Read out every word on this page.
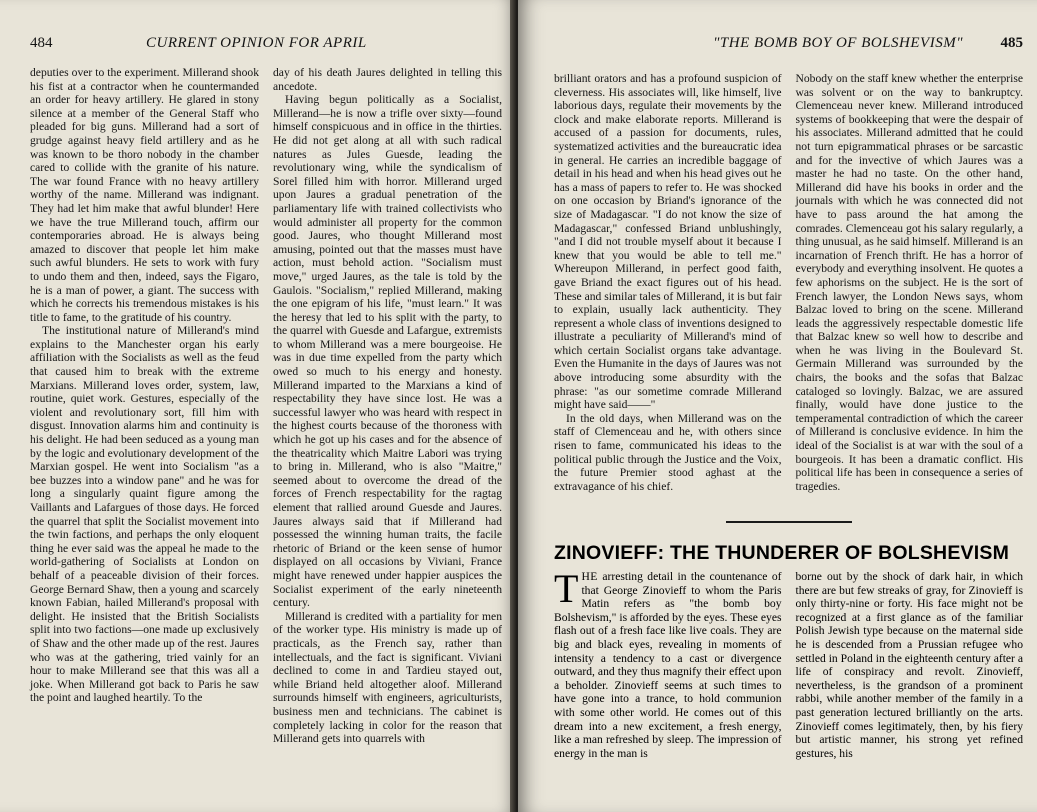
484	CURRENT OPINION FOR APRIL

deputies over to the experiment. Millerand shook his fist at a contractor when he countermanded an order for heavy artillery. He glared in stony silence at a member of the General Staff who pleaded for big guns. Millerand had a sort of grudge against heavy field artillery and as he was known to be thoro nobody in the chamber cared to collide with the granite of his nature. The war found France with no heavy artillery worthy of the name. Millerand was indignant. They had let him make that awful blunder! Here we have the true Millerand touch, affirm our contemporaries abroad. He is always being amazed to discover that people let him make such awful blunders. He sets to work with fury to undo them and then, indeed, says the Figaro, he is a man of power, a giant. The success with which he corrects his tremendous mistakes is his title to fame, to the gratitude of his country.

The institutional nature of Millerand's mind explains to the Manchester organ his early affiliation with the Socialists as well as the feud that caused him to break with the extreme Marxians. Millerand loves order, system, law, routine, quiet work. Gestures, especially of the violent and revolutionary sort, fill him with disgust. Innovation alarms him and continuity is his delight. He had been seduced as a young man by the logic and evolutionary development of the Marxian gospel. He went into Socialism "as a bee buzzes into a window pane" and he was for long a singularly quaint figure among the Vaillants and Lafargues of those days. He forced the quarrel that split the Socialist movement into the twin factions, and perhaps the only eloquent thing he ever said was the appeal he made to the world-gathering of Socialists at London on behalf of a peaceable division of their forces. George Bernard Shaw, then a young and scarcely known Fabian, hailed Millerand's proposal with delight. He insisted that the British Socialists split into two factions—one made up exclusively of Shaw and the other made up of the rest. Jaures who was at the gathering, tried vainly for an hour to make Millerand see that this was all a joke. When Millerand got back to Paris he saw the point and laughed heartily. To the

day of his death Jaures delighted in telling this ancedote.

Having begun politically as a Socialist, Millerand—he is now a trifle over sixty—found himself conspicuous and in office in the thirties. He did not get along at all with such radical natures as Jules Guesde, leading the revolutionary wing, while the syndicalism of Sorel filled him with horror. Millerand urged upon Jaures a gradual penetration of the parliamentary life with trained collectivists who would administer all property for the common good. Jaures, who thought Millerand most amusing, pointed out that the masses must have action, must behold action. "Socialism must move," urged Jaures, as the tale is told by the Gaulois. "Socialism," replied Millerand, making the one epigram of his life, "must learn." It was the heresy that led to his split with the party, to the quarrel with Guesde and Lafargue, extremists to whom Millerand was a mere bourgeoise. He was in due time expelled from the party which owed so much to his energy and honesty. Millerand imparted to the Marxians a kind of respectability they have since lost. He was a successful lawyer who was heard with respect in the highest courts because of the thoroness with which he got up his cases and for the absence of the theatricality which Maitre Labori was trying to bring in. Millerand, who is also "Maitre," seemed about to overcome the dread of the forces of French respectability for the ragtag element that rallied around Guesde and Jaures. Jaures always said that if Millerand had possessed the winning human traits, the facile rhetoric of Briand or the keen sense of humor displayed on all occasions by Viviani, France might have renewed under happier auspices the Socialist experiment of the early nineteenth century.

Millerand is credited with a partiality for men of the worker type. His ministry is made up of practicals, as the French say, rather than intellectuals, and the fact is significant. Viviani declined to come in and Tardieu stayed out, while Briand held altogether aloof. Millerand surrounds himself with engineers, agriculturists, business men and technicians. The cabinet is completely lacking in color for the reason that Millerand gets into quarrels with

"THE BOMB BOY OF BOLSHEVISM"	485

brilliant orators and has a profound suspicion of cleverness. His associates will, like himself, live laborious days, regulate their movements by the clock and make elaborate reports. Millerand is accused of a passion for documents, rules, systematized activities and the bureaucratic idea in general. He carries an incredible baggage of detail in his head and when his head gives out he has a mass of papers to refer to. He was shocked on one occasion by Briand's ignorance of the size of Madagascar. "I do not know the size of Madagascar," confessed Briand unblushingly, "and I did not trouble myself about it because I knew that you would be able to tell me." Whereupon Millerand, in perfect good faith, gave Briand the exact figures out of his head. These and similar tales of Millerand, it is but fair to explain, usually lack authenticity. They represent a whole class of inventions designed to illustrate a peculiarity of Millerand's mind of which certain Socialist organs take advantage. Even the Humanite in the days of Jaures was not above introducing some absurdity with the phrase: "as our sometime comrade Millerand might have said——"

In the old days, when Millerand was on the staff of Clemenceau and he, with others since risen to fame, communicated his ideas to the political public through the Justice and the Voix, the future Premier stood aghast at the extravagance of his chief.

Nobody on the staff knew whether the enterprise was solvent or on the way to bankruptcy. Clemenceau never knew. Millerand introduced systems of bookkeeping that were the despair of his associates. Millerand admitted that he could not turn epigrammatical phrases or be sarcastic and for the invective of which Jaures was a master he had no taste. On the other hand, Millerand did have his books in order and the journals with which he was connected did not have to pass around the hat among the comrades. Clemenceau got his salary regularly, a thing unusual, as he said himself. Millerand is an incarnation of French thrift. He has a horror of everybody and everything insolvent. He quotes a few aphorisms on the subject. He is the sort of French lawyer, the London News says, whom Balzac loved to bring on the scene. Millerand leads the aggressively respectable domestic life that Balzac knew so well how to describe and when he was living in the Boulevard St. Germain Millerand was surrounded by the chairs, the books and the sofas that Balzac cataloged so lovingly. Balzac, we are assured finally, would have done justice to the temperamental contradiction of which the career of Millerand is conclusive evidence. In him the ideal of the Socialist is at war with the soul of a bourgeois. It has been a dramatic conflict. His political life has been in consequence a series of tragedies.

ZINOVIEFF: THE THUNDERER OF BOLSHEVISM

THE arresting detail in the countenance of that George Zinovieff to whom the Paris Matin refers as "the bomb boy Bolshevism," is afforded by the eyes. These eyes flash out of a fresh face like live coals. They are big and black eyes, revealing in moments of intensity a tendency to a cast or divergence outward, and they thus magnify their effect upon a beholder. Zinovieff seems at such times to have gone into a trance, to hold communion with some other world. He comes out of this dream into a new excitement, a fresh energy, like a man refreshed by sleep. The impression of energy in the man is

borne out by the shock of dark hair, in which there are but few streaks of gray, for Zinovieff is only thirty-nine or forty. His face might not be recognized at a first glance as of the familiar Polish Jewish type because on the maternal side he is descended from a Prussian refugee who settled in Poland in the eighteenth century after a life of conspiracy and revolt. Zinovieff, nevertheless, is the grandson of a prominent rabbi, while another member of the family in a past generation lectured brilliantly on the arts. Zinovieff comes legitimately, then, by his fiery but artistic manner, his strong yet refined gestures, his
